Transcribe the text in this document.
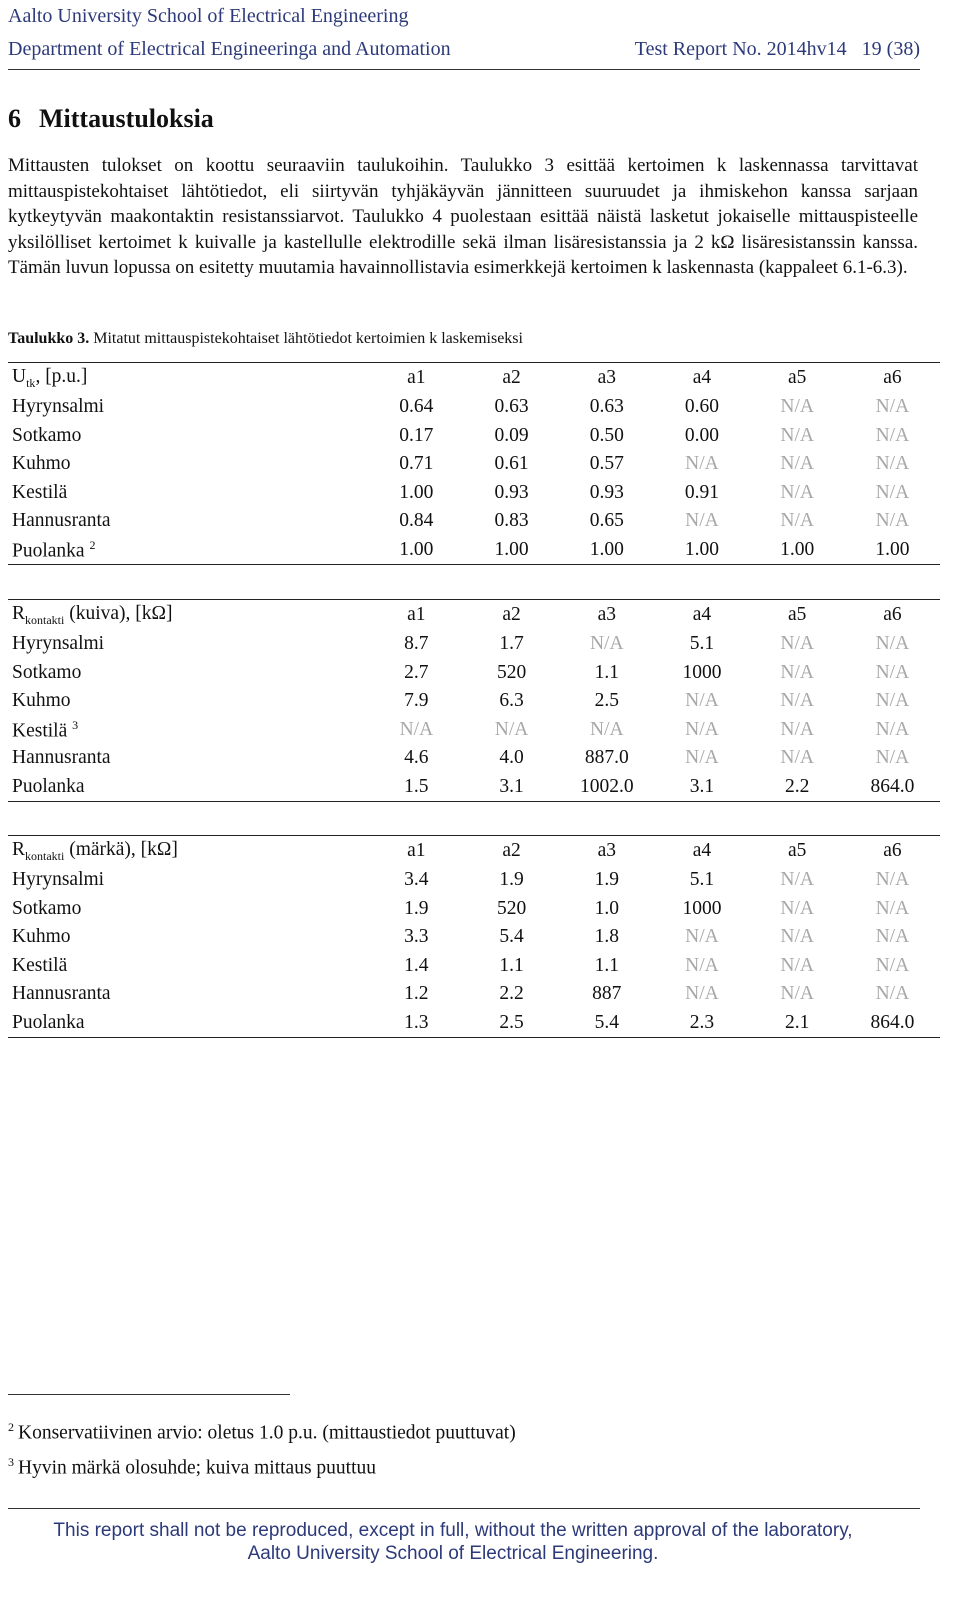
Aalto University School of Electrical Engineering
Department of Electrical Engineeringa and Automation	Test Report No. 2014hv14 19 (38)
6 Mittaustuloksia

Mittausten tulokset on koottu seuraaviin taulukoihin. Taulukko 3 esittää kertoimen k laskennassa tarvittavat mittauspistekohtaiset lähtötiedot, eli siirtyvän tyhjäkäyvän jännitteen suuruudet ja ihmiskehon kanssa sarjaan kytkeytyvän maakontaktin resistanssiarvot. Taulukko 4 puolestaan esittää näistä lasketut jokaiselle mittauspisteelle yksilölliset kertoimet k kuivalle ja kastellulle elektrodille sekä ilman lisäresistanssia ja 2 kΩ lisäresistanssin kanssa. Tämän luvun lopussa on esitetty muutamia havainnollistavia esimerkkejä kertoimen k laskennasta (kappaleet 6.1-6.3).

Taulukko 3. Mitatut mittauspistekohtaiset lähtötiedot kertoimien k laskemiseksi
$U_{tk}$, [p.u.]	a1	a2	a3	a4	a5	a6
Hyrynsalmi	0.64	0.63	0.63	0.60	N/A	N/A
Sotkamo	0.17	0.09	0.50	0.00	N/A	N/A
Kuhmo	0.71	0.61	0.57	N/A	N/A	N/A
Kestilä	1.00	0.93	0.93	0.91	N/A	N/A
Hannusranta	0.84	0.83	0.65	N/A	N/A	N/A
Puolanka $^2$	1.00	1.00	1.00	1.00	1.00	1.00
$R_{kontakti}$ (kuiva), [kΩ]	a1	a2	a3	a4	a5	a6
Hyrynsalmi	8.7	1.7	N/A	5.1	N/A	N/A
Sotkamo	2.7	520	1.1	1000	N/A	N/A
Kuhmo	7.9	6.3	2.5	N/A	N/A	N/A
Kestilä $^3$	N/A	N/A	N/A	N/A	N/A	N/A
Hannusranta	4.6	4.0	887.0	N/A	N/A	N/A
Puolanka	1.5	3.1	1002.0	3.1	2.2	864.0
$R_{kontakti}$ (märkä), [kΩ]	a1	a2	a3	a4	a5	a6
Hyrynsalmi	3.4	1.9	1.9	5.1	N/A	N/A
Sotkamo	1.9	520	1.0	1000	N/A	N/A
Kuhmo	3.3	5.4	1.8	N/A	N/A	N/A
Kestilä	1.4	1.1	1.1	N/A	N/A	N/A
Hannusranta	1.2	2.2	887	N/A	N/A	N/A
Puolanka	1.3	2.5	5.4	2.3	2.1	864.0
$^2$ Konservatiivinen arvio: oletus 1.0 p.u. (mittaustiedot puuttuvat)
$^3$ Hyvin märkä olosuhde; kuiva mittaus puuttuu
This report shall not be reproduced, except in full, without the written approval of the laboratory,
Aalto University School of Electrical Engineering.
